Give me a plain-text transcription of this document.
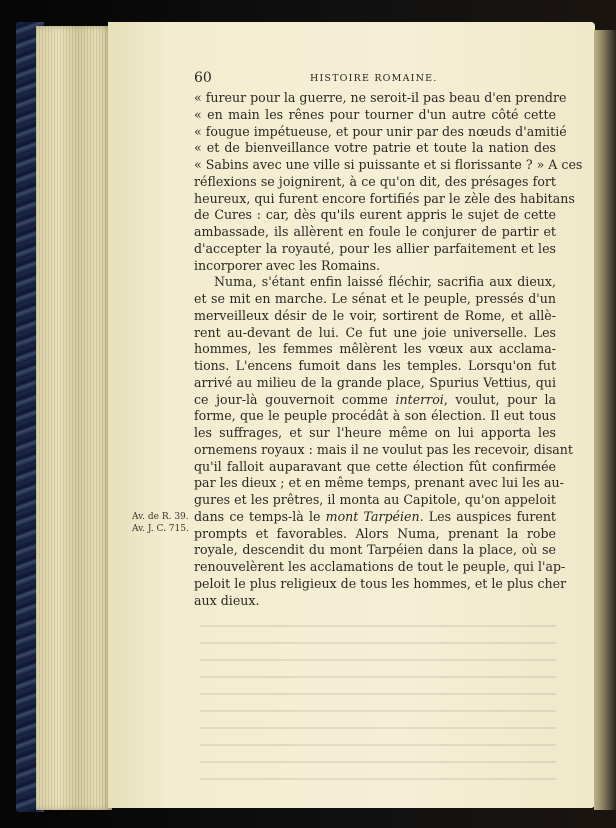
60	HISTOIRE ROMAINE.
« fureur pour la guerre, ne seroit-il pas beau d'en prendre
« en main les rênes pour tourner d'un autre côté cette
« fougue impétueuse, et pour unir par des nœuds d'amitié
« et de bienveillance votre patrie et toute la nation des
« Sabins avec une ville si puissante et si florissante ? » A ces
réflexions se joignirent, à ce qu'on dit, des présages fort
heureux, qui furent encore fortifiés par le zèle des habitans
de Cures : car, dès qu'ils eurent appris le sujet de cette
ambassade, ils allèrent en foule le conjurer de partir et
d'accepter la royauté, pour les allier parfaitement et les
incorporer avec les Romains.
Numa, s'étant enfin laissé fléchir, sacrifia aux dieux,
et se mit en marche. Le sénat et le peuple, pressés d'un
merveilleux désir de le voir, sortirent de Rome, et allè-
rent au-devant de lui. Ce fut une joie universelle. Les
hommes, les femmes mêlèrent les vœux aux acclama-
tions. L'encens fumoit dans les temples. Lorsqu'on fut
arrivé au milieu de la grande place, Spurius Vettius, qui
ce jour-là gouvernoit comme interroi, voulut, pour la
forme, que le peuple procédât à son élection. Il eut tous
les suffrages, et sur l'heure même on lui apporta les
ornemens royaux : mais il ne voulut pas les recevoir, disant
qu'il falloit auparavant que cette élection fût confirmée
par les dieux ; et en même temps, prenant avec lui les au-
gures et les prêtres, il monta au Capitole, qu'on appeloit
dans ce temps-là le mont Tarpéien. Les auspices furent
prompts et favorables. Alors Numa, prenant la robe
royale, descendit du mont Tarpéien dans la place, où se
renouvelèrent les acclamations de tout le peuple, qui l'ap-
peloit le plus religieux de tous les hommes, et le plus cher
aux dieux.
Av. de R. 39.
Av. J. C. 715.
